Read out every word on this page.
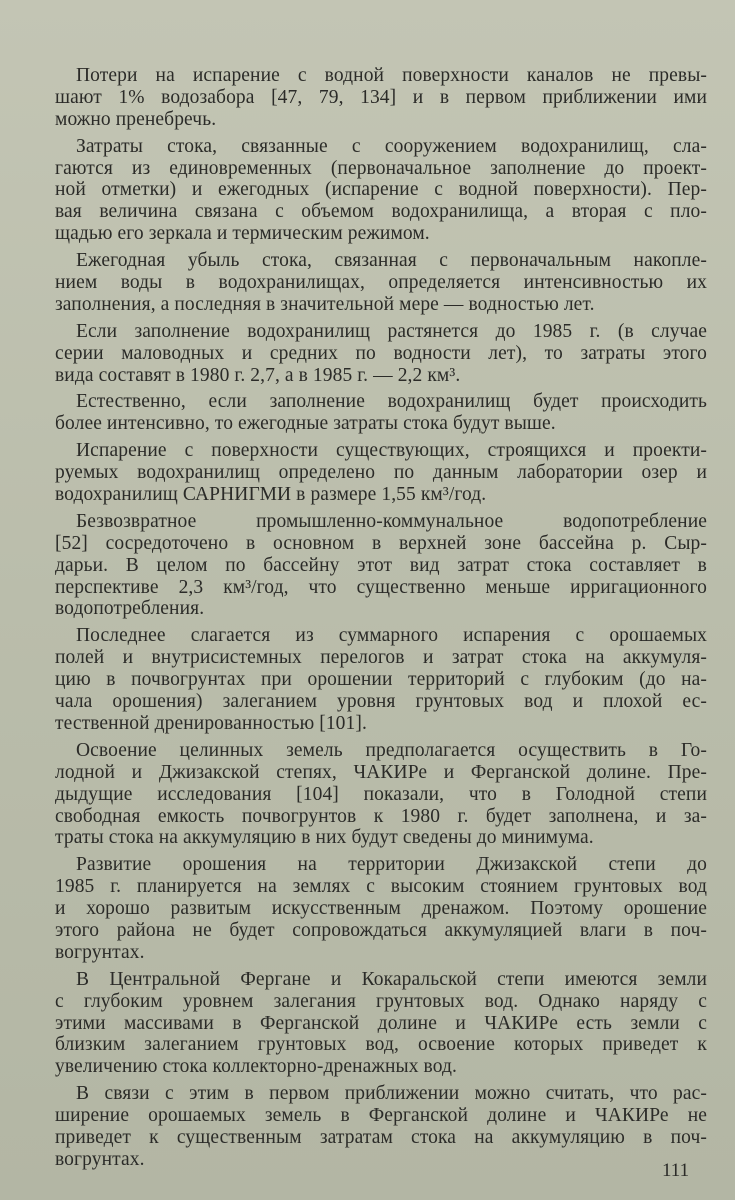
Потери на испарение с водной поверхности каналов не превы-
шают 1% водозабора [47, 79, 134] и в первом приближении ими
можно пренебречь.
Затраты стока, связанные с сооружением водохранилищ, сла-
гаются из единовременных (первоначальное заполнение до проект-
ной отметки) и ежегодных (испарение с водной поверхности). Пер-
вая величина связана с объемом водохранилища, а вторая с пло-
щадью его зеркала и термическим режимом.
Ежегодная убыль стока, связанная с первоначальным накопле-
нием воды в водохранилищах, определяется интенсивностью их
заполнения, а последняя в значительной мере — водностью лет.
Если заполнение водохранилищ растянется до 1985 г. (в случае
серии маловодных и средних по водности лет), то затраты этого
вида составят в 1980 г. 2,7, а в 1985 г. — 2,2 км³.
Естественно, если заполнение водохранилищ будет происходить
более интенсивно, то ежегодные затраты стока будут выше.
Испарение с поверхности существующих, строящихся и проекти-
руемых водохранилищ определено по данным лаборатории озер и
водохранилищ САРНИГМИ в размере 1,55 км³/год.
Безвозвратное промышленно-коммунальное водопотребление
[52] сосредоточено в основном в верхней зоне бассейна р. Сыр-
дарьи. В целом по бассейну этот вид затрат стока составляет в
перспективе 2,3 км³/год, что существенно меньше ирригационного
водопотребления.
Последнее слагается из суммарного испарения с орошаемых
полей и внутрисистемных перелогов и затрат стока на аккумуля-
цию в почвогрунтах при орошении территорий с глубоким (до на-
чала орошения) залеганием уровня грунтовых вод и плохой ес-
тественной дренированностью [101].
Освоение целинных земель предполагается осуществить в Го-
лодной и Джизакской степях, ЧАКИРе и Ферганской долине. Пре-
дыдущие исследования [104] показали, что в Голодной степи
свободная емкость почвогрунтов к 1980 г. будет заполнена, и за-
траты стока на аккумуляцию в них будут сведены до минимума.
Развитие орошения на территории Джизакской степи до
1985 г. планируется на землях с высоким стоянием грунтовых вод
и хорошо развитым искусственным дренажом. Поэтому орошение
этого района не будет сопровождаться аккумуляцией влаги в поч-
вогрунтах.
В Центральной Фергане и Кокаральской степи имеются земли
с глубоким уровнем залегания грунтовых вод. Однако наряду с
этими массивами в Ферганской долине и ЧАКИРе есть земли с
близким залеганием грунтовых вод, освоение которых приведет к
увеличению стока коллекторно-дренажных вод.
В связи с этим в первом приближении можно считать, что рас-
ширение орошаемых земель в Ферганской долине и ЧАКИРе не
приведет к существенным затратам стока на аккумуляцию в поч-
вогрунтах.
111
